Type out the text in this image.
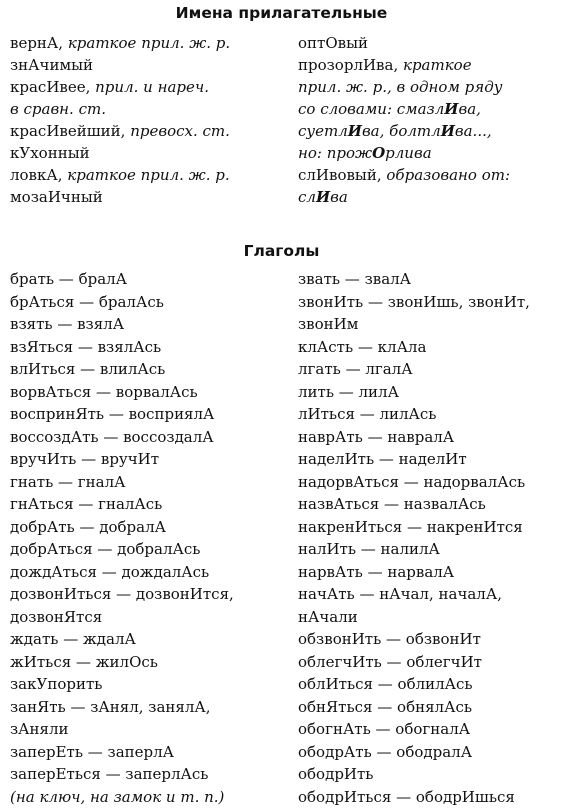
Имена прилагательные
вернА, краткое прил. ж. р.
знАчимый
красИвее, прил. и нареч.
в сравн. ст.
красИвейший, превосх. ст.
кУхонный
ловкА, краткое прил. ж. р.
мозаИчный
оптОвый
прозорлИва, краткое
прил. ж. р., в одном ряду
со словами: смазлИва,
суетлИва, болтлИва...,
но: прожОрлива
слИвовый, образовано от:
слИва
Глаголы
брать — бралА
брАться — бралАсь
взять — взялА
взЯться — взялАсь
влИться — влилАсь
ворвАться — ворвалАсь
воспринЯть — восприялА
воссоздАть — воссоздалА
вручИть — вручИт
гнать — гналА
гнАться — гналАсь
добрАть — добралА
добрАться — добралАсь
дождАться — дождалАсь
дозвонИться — дозвонИтся,
дозвонЯтся
ждать — ждалА
жИться — жилОсь
закУпорить
занЯть — зАнял, занялА,
зАняли
заперЕть — заперлА
заперЕться — заперлАсь
(на ключ, на замок и т. п.)
звать — звалА
звонИть — звонИшь, звонИт,
звонИм
клАсть — клАла
лгать — лгалА
лить — лилА
лИться — лилАсь
наврАть — навралА
наделИть — наделИт
надорвАться — надорвалАсь
назвАться — назвалАсь
накренИться — накренИтся
налИть — налилА
нарвАть — нарвалА
начАть — нАчал, началА,
нАчали
обзвонИть — обзвонИт
облегчИть — облегчИт
облИться — облилАсь
обнЯться — обнялАсь
обогнАть — обогналА
ободрАть — ободралА
ободрИть
ободрИться — ободрИшься
